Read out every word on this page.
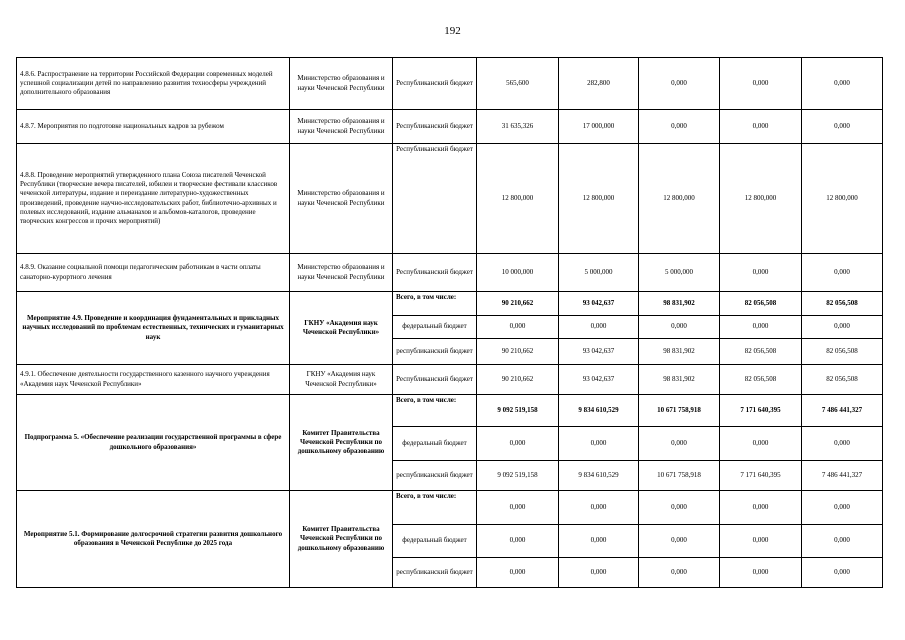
192
4.8.6. Распространение на территории Российской Федерации современных моделей успешной социализации детей по направлению развития техносферы учреждений дополнительного образования	Министерство образования и науки Чеченской Республики	Республиканский бюджет	565,600	282,800	0,000	0,000	0,000
4.8.7. Мероприятия по подготовке национальных кадров за рубежом	Министерство образования и науки Чеченской Республики	Республиканский бюджет	31 635,326	17 000,000	0,000	0,000	0,000
4.8.8. Проведение мероприятий утвержденного плана Союза писателей Чеченской Республики (творческие вечера писателей, юбилеи и творческие фестивали классиков чеченской литературы, издание и переиздание литературно-художественных произведений, проведение научно-исследовательских работ, библиотечно-архивных и полевых исследований, издание альманахов и альбомов-каталогов, проведение творческих конгрессов и прочих мероприятий)	Министерство образования и науки Чеченской Республики	Республиканский бюджет	12 800,000	12 800,000	12 800,000	12 800,000	12 800,000
4.8.9. Оказание социальной помощи педагогическим работникам в части оплаты санаторно-курортного лечения	Министерство образования и науки Чеченской Республики	Республиканский бюджет	10 000,000	5 000,000	5 000,000	0,000	0,000
Мероприятие 4.9. Проведение и координация фундаментальных и прикладных научных исследований по проблемам естественных, технических и гуманитарных наук	ГКНУ «Академия наук Чеченской Республики»	Всего, в том числе:	90 210,662	93 042,637	98 831,902	82 056,508	82 056,508
		федеральный бюджет	0,000	0,000	0,000	0,000	0,000
		республиканский бюджет	90 210,662	93 042,637	98 831,902	82 056,508	82 056,508
4.9.1. Обеспечение деятельности государственного казенного научного учреждения «Академия наук Чеченской Республики»	ГКНУ «Академия наук Чеченской Республики»	Республиканский бюджет	90 210,662	93 042,637	98 831,902	82 056,508	82 056,508
Подпрограмма 5. «Обеспечение реализации государственной программы в сфере дошкольного образования»	Комитет Правительства Чеченской Республики по дошкольному образованию	Всего, в том числе:	9 092 519,158	9 834 610,529	10 671 758,918	7 171 640,395	7 486 441,327
		федеральный бюджет	0,000	0,000	0,000	0,000	0,000
		республиканский бюджет	9 092 519,158	9 834 610,529	10 671 758,918	7 171 640,395	7 486 441,327
Мероприятие 5.1. Формирование долгосрочной стратегии развития дошкольного образования в Чеченской Республике до 2025 года	Комитет Правительства Чеченской Республики по дошкольному образованию	Всего, в том числе:	0,000	0,000	0,000	0,000	0,000
		федеральный бюджет	0,000	0,000	0,000	0,000	0,000
		республиканский бюджет	0,000	0,000	0,000	0,000	0,000
